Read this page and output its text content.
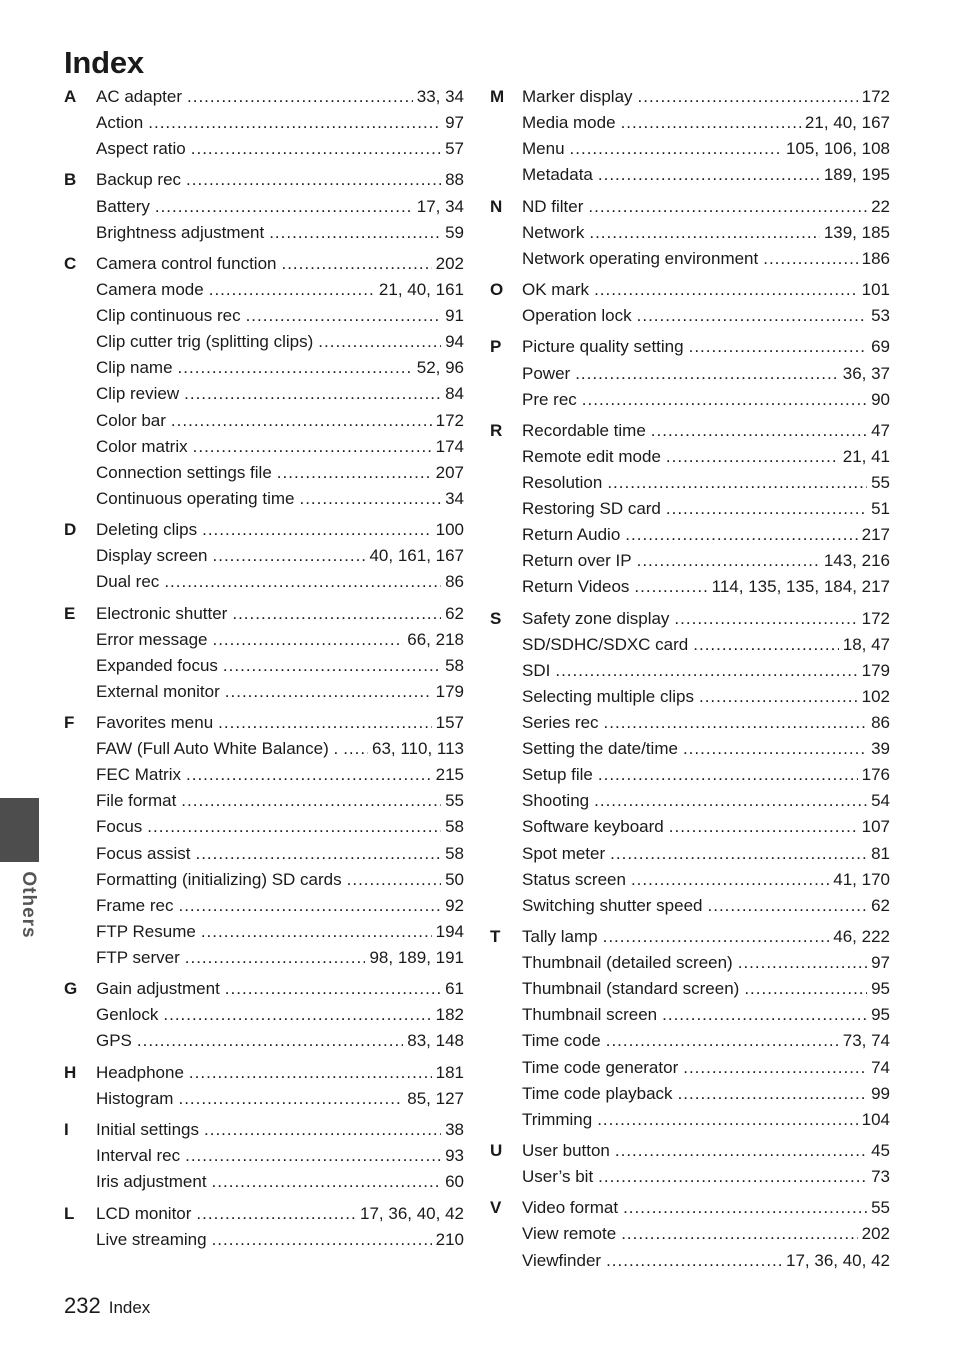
Index
A AC adapter .....	33, 34
Action .....	97
Aspect ratio .....	57
B Backup rec .....	88
Battery .....	17, 34
Brightness adjustment .....	59
C Camera control function .....	202
Camera mode .....	21, 40, 161
Clip continuous rec .....	91
Clip cutter trig (splitting clips) .....	94
Clip name .....	52, 96
Clip review .....	84
Color bar .....	172
Color matrix .....	174
Connection settings file .....	207
Continuous operating time .....	34
D Deleting clips .....	100
Display screen .....	40, 161, 167
Dual rec .....	86
E Electronic shutter .....	62
Error message .....	66, 218
Expanded focus .....	58
External monitor .....	179
F Favorites menu .....	157
FAW (Full Auto White Balance) . ..... 63, 110, 113
FEC Matrix .....	215
File format .....	55
Focus .....	58
Focus assist .....	58
Formatting (initializing) SD cards .....	50
Frame rec .....	92
FTP Resume .....	194
FTP server .....	98, 189, 191
G Gain adjustment .....	61
Genlock .....	182
GPS .....	83, 148
H Headphone .....	181
Histogram .....	85, 127
I Initial settings .....	38
Interval rec .....	93
Iris adjustment .....	60
L LCD monitor .....	17, 36, 40, 42
Live streaming .....	210
M Marker display .....	172
Media mode .....	21, 40, 167
Menu .....	105, 106, 108
Metadata .....	189, 195
N ND filter .....	22
Network .....	139, 185
Network operating environment .....	186
O OK mark .....	101
Operation lock .....	53
P Picture quality setting .....	69
Power .....	36, 37
Pre rec .....	90
R Recordable time .....	47
Remote edit mode .....	21, 41
Resolution .....	55
Restoring SD card .....	51
Return Audio .....	217
Return over IP .....	143, 216
Return Videos .....	114, 135, 135, 184, 217
S Safety zone display .....	172
SD/SDHC/SDXC card .....	18, 47
SDI .....	179
Selecting multiple clips .....	102
Series rec .....	86
Setting the date/time .....	39
Setup file .....	176
Shooting .....	54
Software keyboard .....	107
Spot meter .....	81
Status screen .....	41, 170
Switching shutter speed .....	62
T Tally lamp .....	46, 222
Thumbnail (detailed screen) .....	97
Thumbnail (standard screen) .....	95
Thumbnail screen .....	95
Time code .....	73, 74
Time code generator .....	74
Time code playback .....	99
Trimming .....	104
U User button .....	45
User’s bit .....	73
V Video format .....	55
View remote .....	202
Viewfinder .....	17, 36, 40, 42
Others
232 Index
